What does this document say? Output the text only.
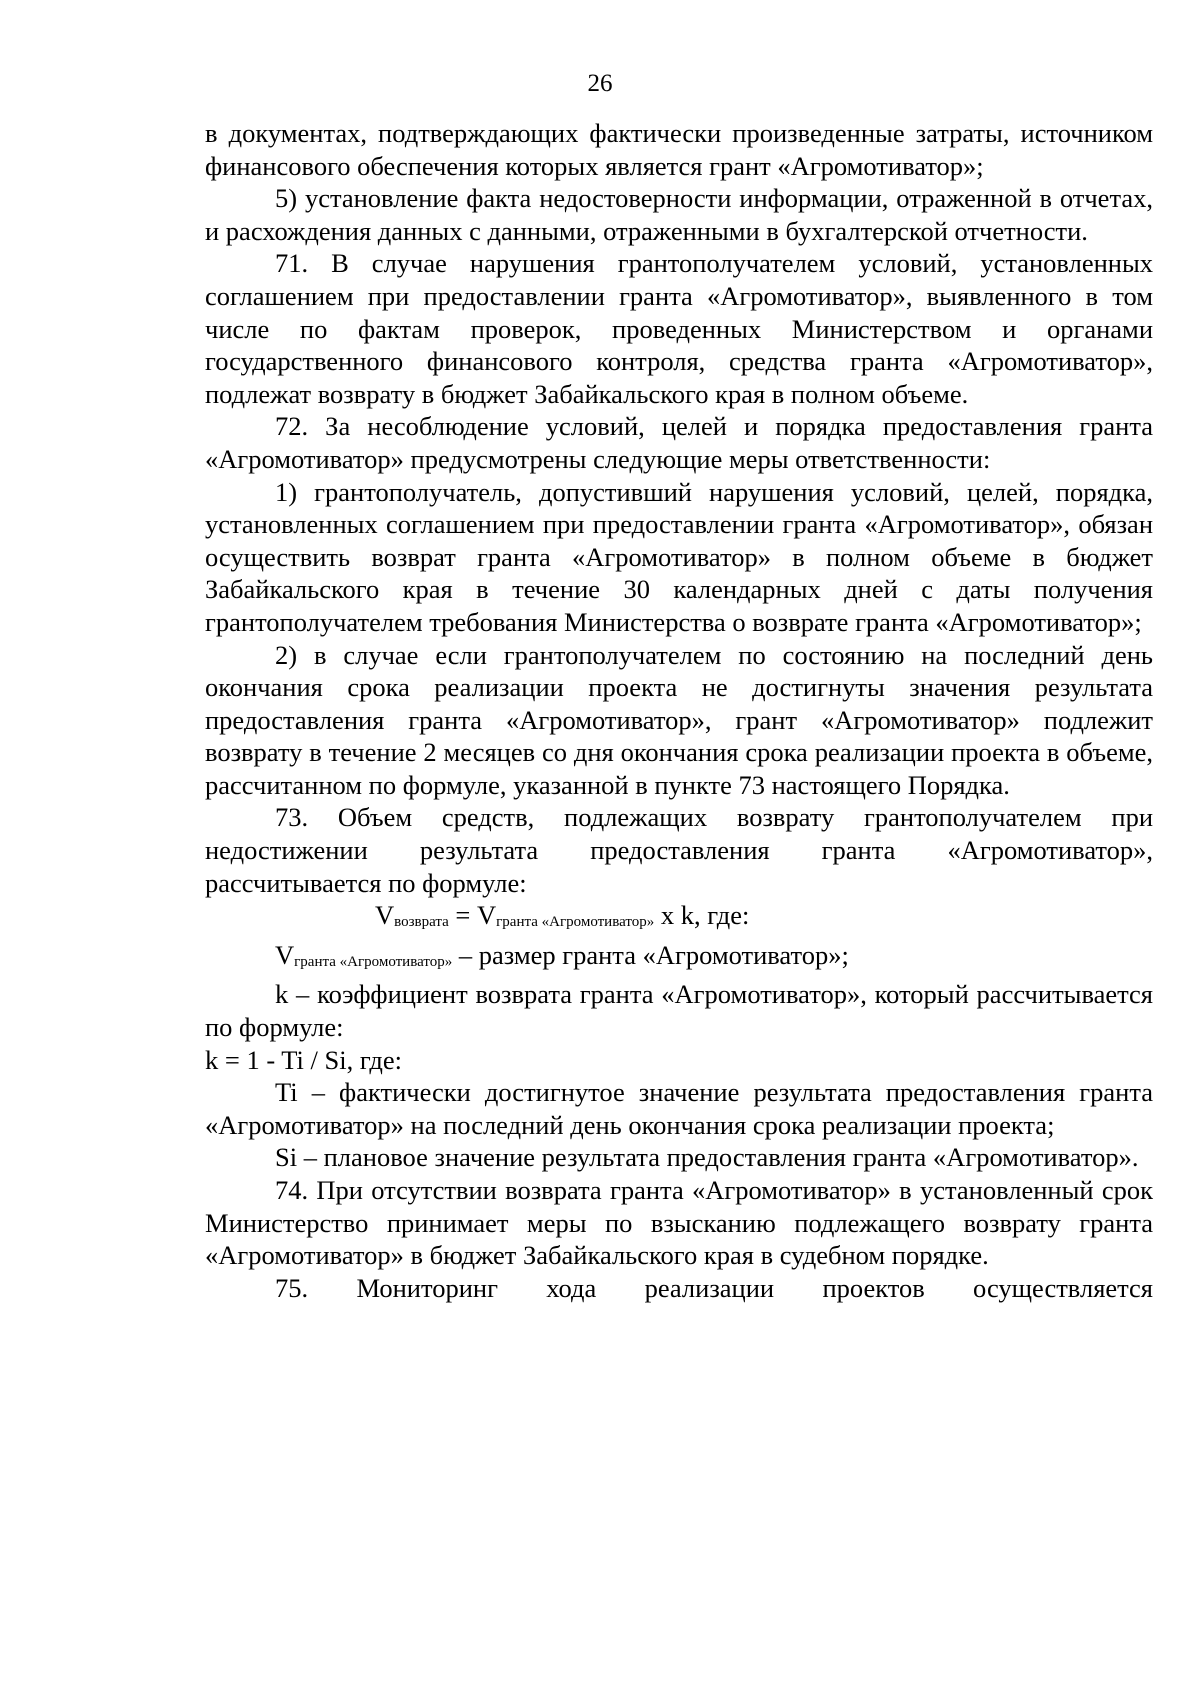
26

в документах, подтверждающих фактически произведенные затраты, источником финансового обеспечения которых является грант «Агромотиватор»;

5) установление факта недостоверности информации, отраженной в отчетах, и расхождения данных с данными, отраженными в бухгалтерской отчетности.

71. В случае нарушения грантополучателем условий, установленных соглашением при предоставлении гранта «Агромотиватор», выявленного в том числе по фактам проверок, проведенных Министерством и органами государственного финансового контроля, средства гранта «Агромотиватор», подлежат возврату в бюджет Забайкальского края в полном объеме.

72. За несоблюдение условий, целей и порядка предоставления гранта «Агромотиватор» предусмотрены следующие меры ответственности:

1) грантополучатель, допустивший нарушения условий, целей, порядка, установленных соглашением при предоставлении гранта «Агромотиватор», обязан осуществить возврат гранта «Агромотиватор» в полном объеме в бюджет Забайкальского края в течение 30 календарных дней с даты получения грантополучателем требования Министерства о возврате гранта «Агромотиватор»;

2) в случае если грантополучателем по состоянию на последний день окончания срока реализации проекта не достигнуты значения результата предоставления гранта «Агромотиватор», грант «Агромотиватор» подлежит возврату в течение 2 месяцев со дня окончания срока реализации проекта в объеме, рассчитанном по формуле, указанной в пункте 73 настоящего Порядка.

73. Объем средств, подлежащих возврату грантополучателем при недостижении результата предоставления гранта «Агромотиватор», рассчитывается по формуле:

Vвозврата = Vгранта «Агромотиватор» x k, где:

Vгранта «Агромотиватор» – размер гранта «Агромотиватор»;

k – коэффициент возврата гранта «Агромотиватор», который рассчитывается по формуле:

k = 1 - Ti / Si, где:

Ti – фактически достигнутое значение результата предоставления гранта «Агромотиватор» на последний день окончания срока реализации проекта;

Si – плановое значение результата предоставления гранта «Агромотиватор».

74. При отсутствии возврата гранта «Агромотиватор» в установленный срок Министерство принимает меры по взысканию подлежащего возврату гранта «Агромотиватор» в бюджет Забайкальского края в судебном порядке.

75. Мониторинг хода реализации проектов осуществляется
